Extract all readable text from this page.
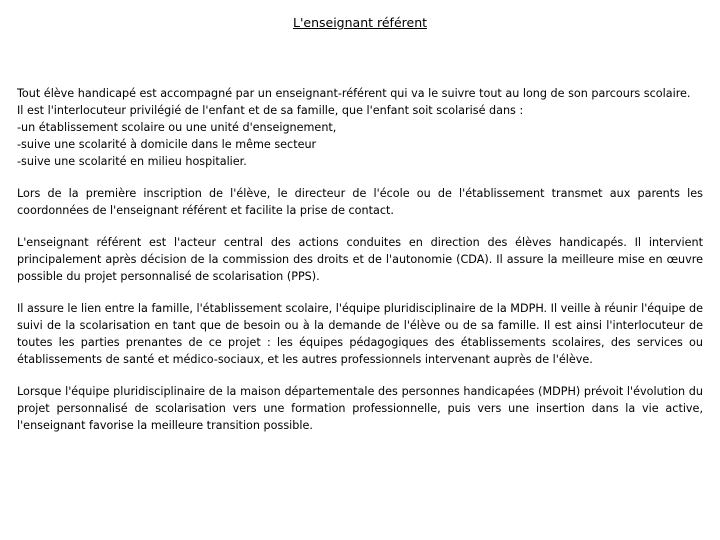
L'enseignant référent
Tout élève handicapé est accompagné par un enseignant-référent qui va le suivre tout au long de son parcours scolaire.
Il est l'interlocuteur privilégié de l'enfant et de sa famille, que l'enfant soit scolarisé dans :
-un établissement scolaire ou une unité d'enseignement,
-suive une scolarité à domicile dans le même secteur
-suive une scolarité en milieu hospitalier.

Lors de la première inscription de l'élève, le directeur de l'école ou de l'établissement transmet aux parents les coordonnées de l'enseignant référent et facilite la prise de contact.

L'enseignant référent est l'acteur central des actions conduites en direction des élèves handicapés. Il intervient principalement après décision de la commission des droits et de l'autonomie (CDA). Il assure la meilleure mise en œuvre possible du projet personnalisé de scolarisation (PPS).

Il assure le lien entre la famille, l'établissement scolaire, l'équipe pluridisciplinaire de la MDPH. Il veille à réunir l'équipe de suivi de la scolarisation en tant que de besoin ou à la demande de l'élève ou de sa famille. Il est ainsi l'interlocuteur de toutes les parties prenantes de ce projet : les équipes pédagogiques des établissements scolaires, des services ou établissements de santé et médico-sociaux, et les autres professionnels intervenant auprès de l'élève.

Lorsque l'équipe pluridisciplinaire de la maison départementale des personnes handicapées (MDPH) prévoit l'évolution du projet personnalisé de scolarisation vers une formation professionnelle, puis vers une insertion dans la vie active, l'enseignant favorise la meilleure transition possible.
